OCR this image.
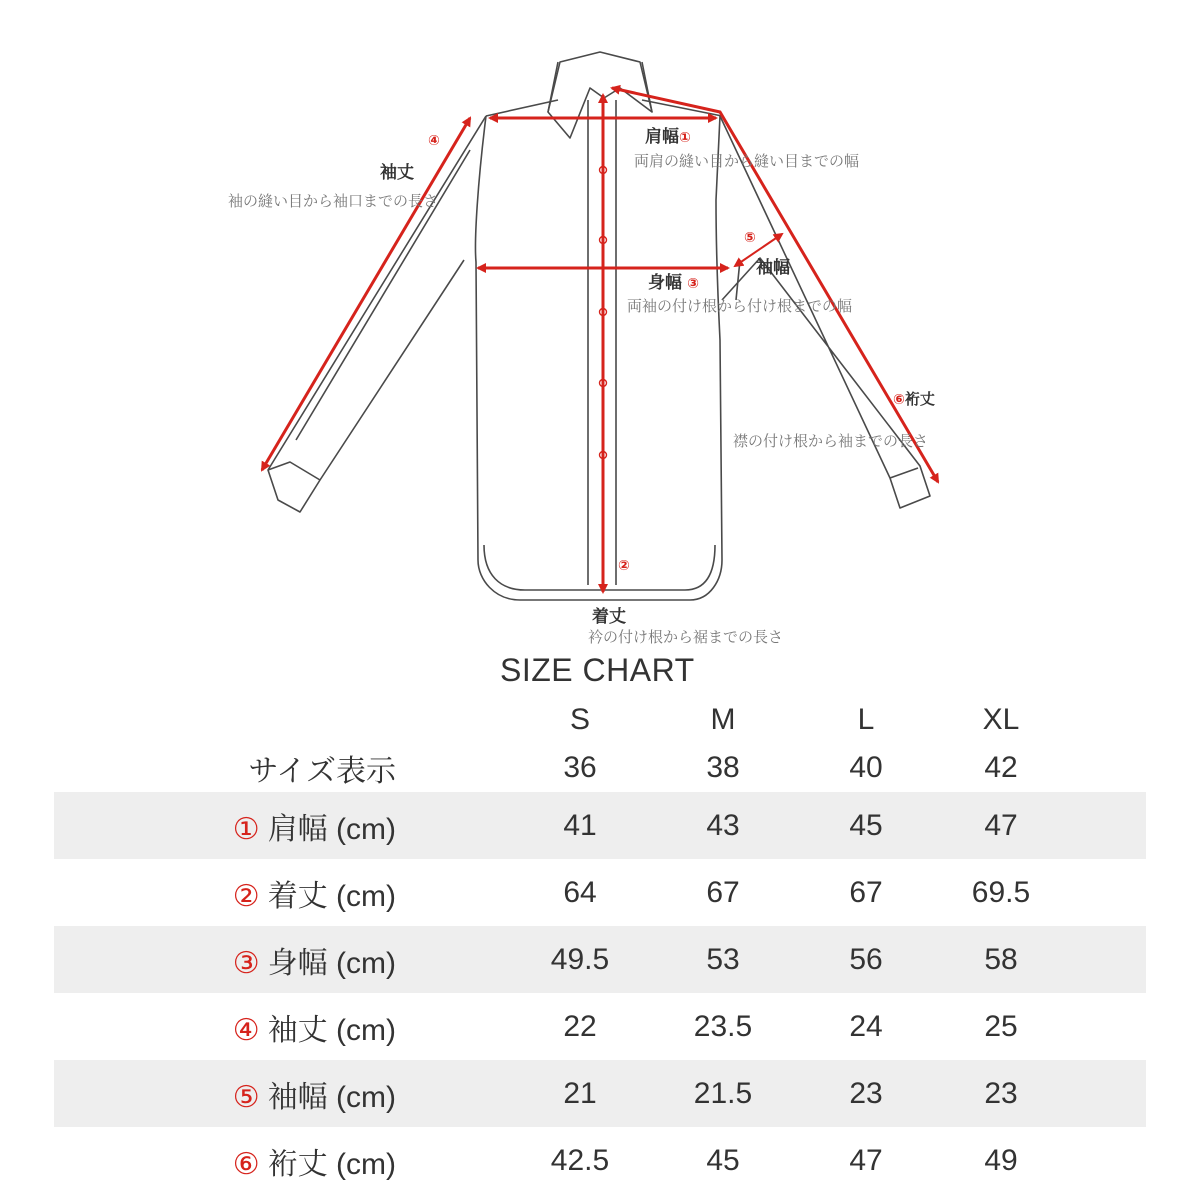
肩幅①
両肩の縫い目から縫い目までの幅
袖丈
④
袖の縫い目から袖口までの長さ
⑤
袖幅
身幅 ③
両袖の付け根から付け根までの幅
⑥裄丈
襟の付け根から袖までの長さ
②
着丈
衿の付け根から裾までの長さ
SIZE CHART
	S	M	L	XL	
サイズ表示	36	38	40	42	
① 肩幅 (cm)	41	43	45	47	
② 着丈 (cm)	64	67	67	69.5	
③ 身幅 (cm)	49.5	53	56	58	
④ 袖丈 (cm)	22	23.5	24	25	
⑤ 袖幅 (cm)	21	21.5	23	23	
⑥ 裄丈 (cm)	42.5	45	47	49	
